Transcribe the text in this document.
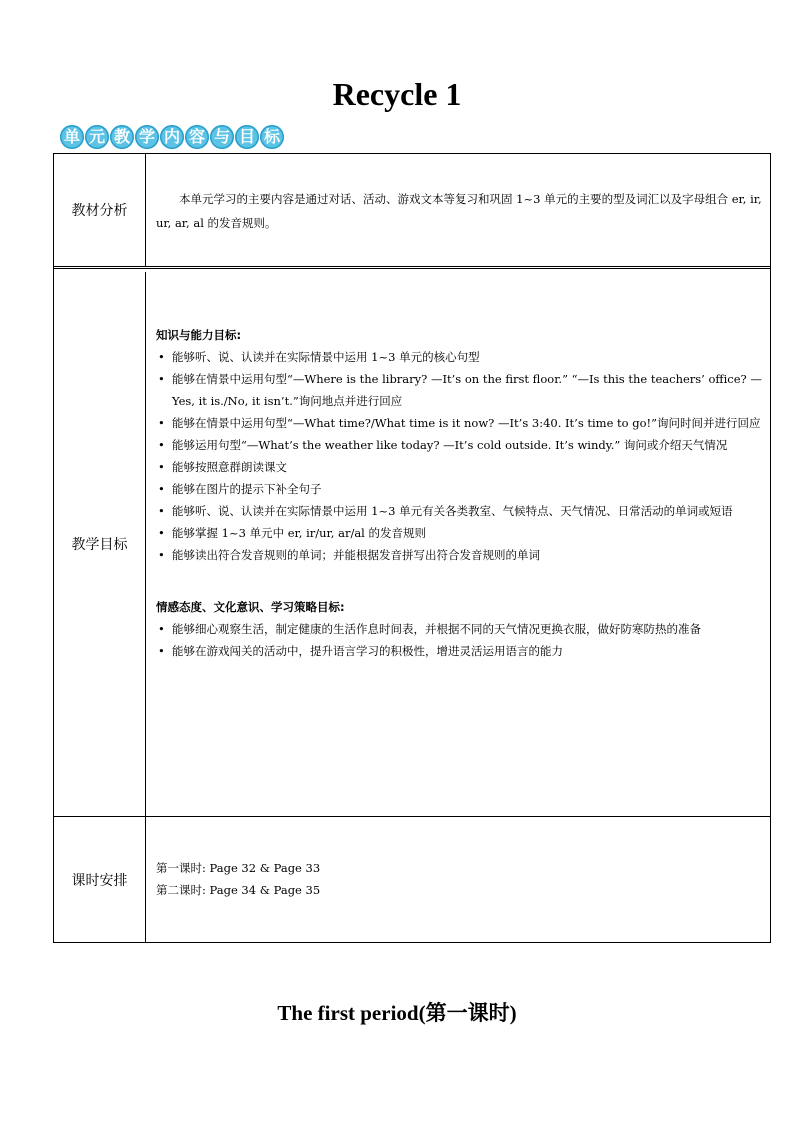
Recycle 1
单 元 教 学 内 容 与 目 标
教材分析
本单元学习的主要内容是通过对话、活动、游戏文本等复习和巩固 1~3 单元的主要的型及词汇以及字母组合 er, ir, ur, ar, al 的发音规则。
教学目标
知识与能力目标:
• 能够听、说、认读并在实际情景中运用 1~3 单元的核心句型
• 能够在情景中运用句型“—Where is the library? —It’s on the first floor.” “—Is this the teachers’ office? —Yes, it is./No, it isn’t.”询问地点并进行回应
• 能够在情景中运用句型“—What time?/What time is it now? —It’s 3:40. It’s time to go!”询问时间并进行回应
• 能够运用句型“—What’s the weather like today? —It’s cold outside. It’s windy.” 询问或介绍天气情况
• 能够按照意群朗读课文
• 能够在图片的提示下补全句子
• 能够听、说、认读并在实际情景中运用 1~3 单元有关各类教室、气候特点、天气情况、日常活动的单词或短语
• 能够掌握 1~3 单元中 er, ir/ur, ar/al 的发音规则
• 能够读出符合发音规则的单词；并能根据发音拼写出符合发音规则的单词
情感态度、文化意识、学习策略目标:
• 能够细心观察生活，制定健康的生活作息时间表，并根据不同的天气情况更换衣服，做好防寒防热的准备
• 能够在游戏闯关的活动中，提升语言学习的积极性，增进灵活运用语言的能力
课时安排
第一课时: Page 32 & Page 33
第二课时: Page 34 & Page 35
The first period(第一课时)
